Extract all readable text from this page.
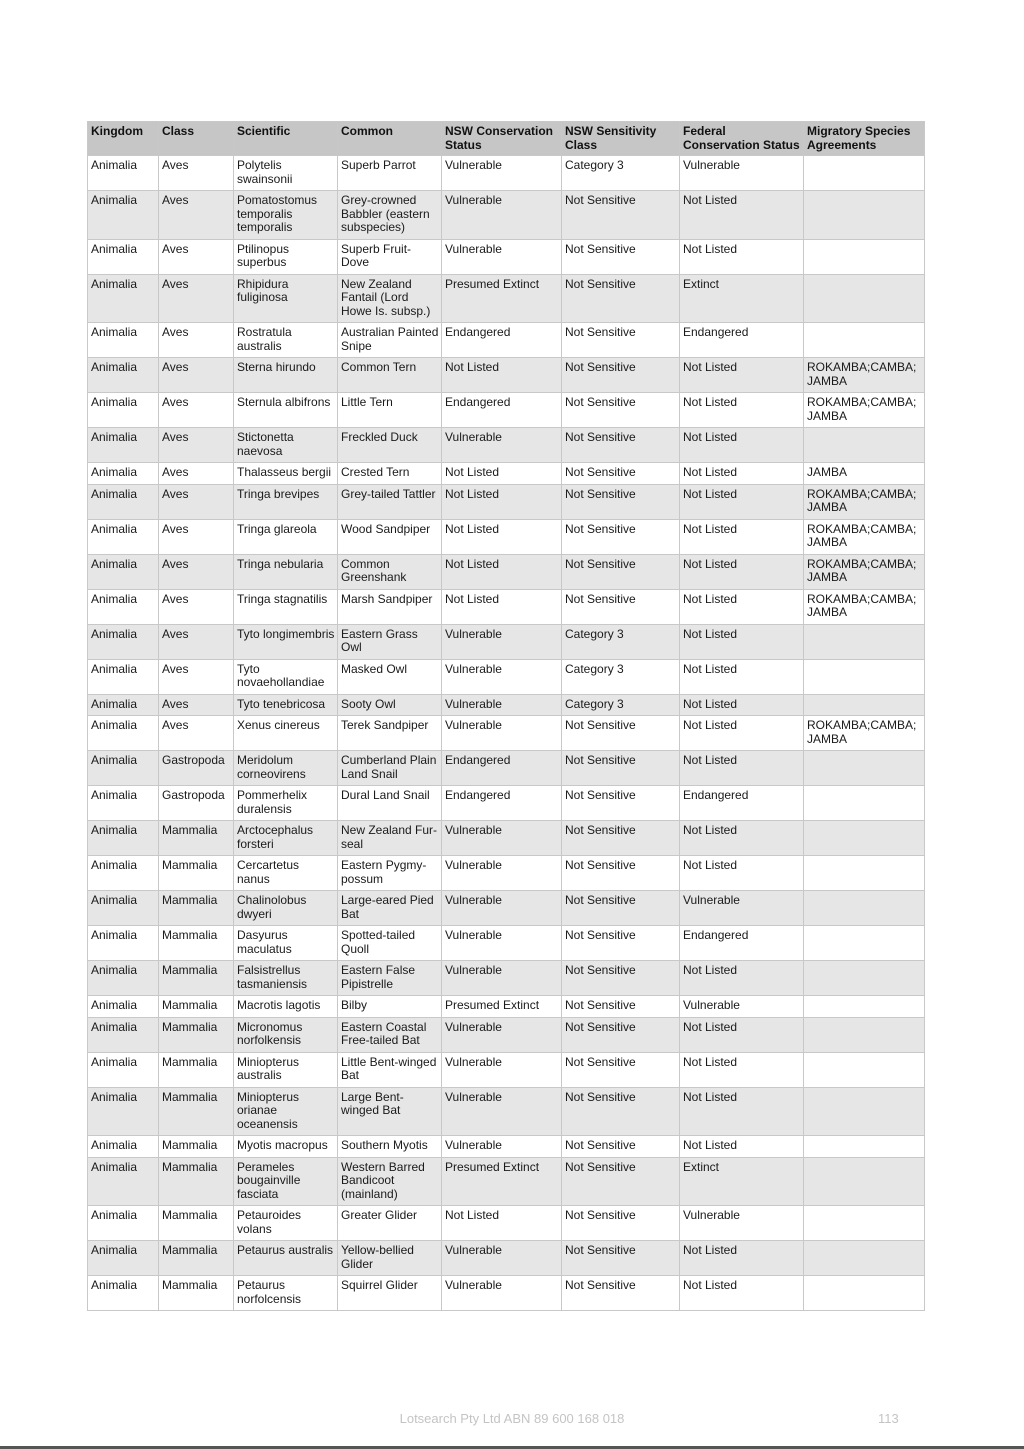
Kingdom	Class	Scientific	Common	NSW Conservation Status	NSW Sensitivity Class	Federal Conservation Status	Migratory Species Agreements
Animalia	Aves	Polytelis swainsonii	Superb Parrot	Vulnerable	Category 3	Vulnerable	
Animalia	Aves	Pomatostomus temporalis temporalis	Grey-crowned Babbler (eastern subspecies)	Vulnerable	Not Sensitive	Not Listed	
Animalia	Aves	Ptilinopus superbus	Superb Fruit-Dove	Vulnerable	Not Sensitive	Not Listed	
Animalia	Aves	Rhipidura fuliginosa	New Zealand Fantail (Lord Howe Is. subsp.)	Presumed Extinct	Not Sensitive	Extinct	
Animalia	Aves	Rostratula australis	Australian Painted Snipe	Endangered	Not Sensitive	Endangered	
Animalia	Aves	Sterna hirundo	Common Tern	Not Listed	Not Sensitive	Not Listed	ROKAMBA;CAMBA; JAMBA
Animalia	Aves	Sternula albifrons	Little Tern	Endangered	Not Sensitive	Not Listed	ROKAMBA;CAMBA; JAMBA
Animalia	Aves	Stictonetta naevosa	Freckled Duck	Vulnerable	Not Sensitive	Not Listed	
Animalia	Aves	Thalasseus bergii	Crested Tern	Not Listed	Not Sensitive	Not Listed	JAMBA
Animalia	Aves	Tringa brevipes	Grey-tailed Tattler	Not Listed	Not Sensitive	Not Listed	ROKAMBA;CAMBA; JAMBA
Animalia	Aves	Tringa glareola	Wood Sandpiper	Not Listed	Not Sensitive	Not Listed	ROKAMBA;CAMBA; JAMBA
Animalia	Aves	Tringa nebularia	Common Greenshank	Not Listed	Not Sensitive	Not Listed	ROKAMBA;CAMBA; JAMBA
Animalia	Aves	Tringa stagnatilis	Marsh Sandpiper	Not Listed	Not Sensitive	Not Listed	ROKAMBA;CAMBA; JAMBA
Animalia	Aves	Tyto longimembris	Eastern Grass Owl	Vulnerable	Category 3	Not Listed	
Animalia	Aves	Tyto novaehollandiae	Masked Owl	Vulnerable	Category 3	Not Listed	
Animalia	Aves	Tyto tenebricosa	Sooty Owl	Vulnerable	Category 3	Not Listed	
Animalia	Aves	Xenus cinereus	Terek Sandpiper	Vulnerable	Not Sensitive	Not Listed	ROKAMBA;CAMBA; JAMBA
Animalia	Gastropoda	Meridolum corneovirens	Cumberland Plain Land Snail	Endangered	Not Sensitive	Not Listed	
Animalia	Gastropoda	Pommerhelix duralensis	Dural Land Snail	Endangered	Not Sensitive	Endangered	
Animalia	Mammalia	Arctocephalus forsteri	New Zealand Fur-seal	Vulnerable	Not Sensitive	Not Listed	
Animalia	Mammalia	Cercartetus nanus	Eastern Pygmy-possum	Vulnerable	Not Sensitive	Not Listed	
Animalia	Mammalia	Chalinolobus dwyeri	Large-eared Pied Bat	Vulnerable	Not Sensitive	Vulnerable	
Animalia	Mammalia	Dasyurus maculatus	Spotted-tailed Quoll	Vulnerable	Not Sensitive	Endangered	
Animalia	Mammalia	Falsistrellus tasmaniensis	Eastern False Pipistrelle	Vulnerable	Not Sensitive	Not Listed	
Animalia	Mammalia	Macrotis lagotis	Bilby	Presumed Extinct	Not Sensitive	Vulnerable	
Animalia	Mammalia	Micronomus norfolkensis	Eastern Coastal Free-tailed Bat	Vulnerable	Not Sensitive	Not Listed	
Animalia	Mammalia	Miniopterus australis	Little Bent-winged Bat	Vulnerable	Not Sensitive	Not Listed	
Animalia	Mammalia	Miniopterus orianae oceanensis	Large Bent-winged Bat	Vulnerable	Not Sensitive	Not Listed	
Animalia	Mammalia	Myotis macropus	Southern Myotis	Vulnerable	Not Sensitive	Not Listed	
Animalia	Mammalia	Perameles bougainville fasciata	Western Barred Bandicoot (mainland)	Presumed Extinct	Not Sensitive	Extinct	
Animalia	Mammalia	Petauroides volans	Greater Glider	Not Listed	Not Sensitive	Vulnerable	
Animalia	Mammalia	Petaurus australis	Yellow-bellied Glider	Vulnerable	Not Sensitive	Not Listed	
Animalia	Mammalia	Petaurus norfolcensis	Squirrel Glider	Vulnerable	Not Sensitive	Not Listed	
Lotsearch Pty Ltd ABN 89 600 168 018	113
